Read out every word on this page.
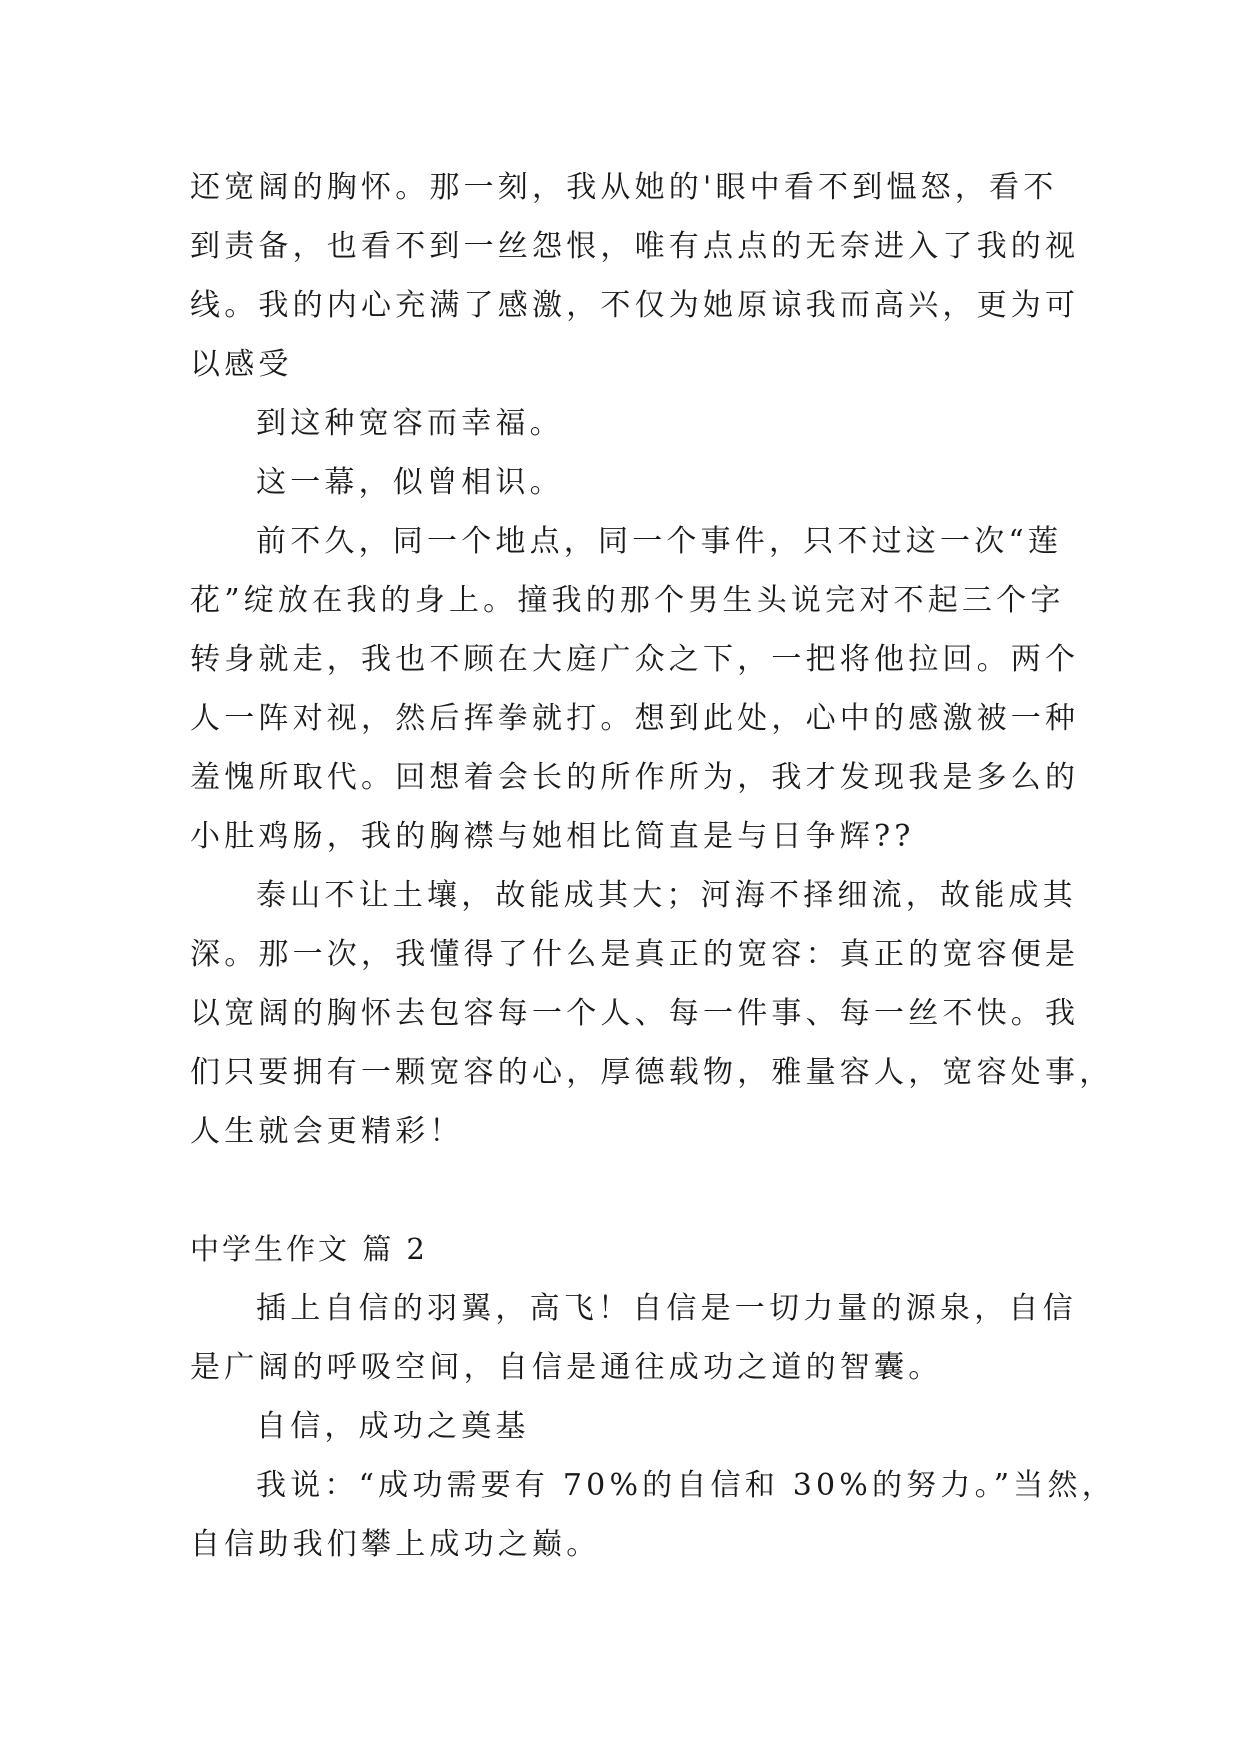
还宽阔的胸怀。那一刻，我从她的'眼中看不到愠怒，看不
到责备，也看不到一丝怨恨，唯有点点的无奈进入了我的视
线。我的内心充满了感激，不仅为她原谅我而高兴，更为可
以感受
到这种宽容而幸福。
这一幕，似曾相识。
前不久，同一个地点，同一个事件，只不过这一次“莲
花”绽放在我的身上。撞我的那个男生头说完对不起三个字
转身就走，我也不顾在大庭广众之下，一把将他拉回。两个
人一阵对视，然后挥拳就打。想到此处，心中的感激被一种
羞愧所取代。回想着会长的所作所为，我才发现我是多么的
小肚鸡肠，我的胸襟与她相比简直是与日争辉??
泰山不让土壤，故能成其大；河海不择细流，故能成其
深。那一次，我懂得了什么是真正的宽容：真正的宽容便是
以宽阔的胸怀去包容每一个人、每一件事、每一丝不快。我
们只要拥有一颗宽容的心，厚德载物，雅量容人，宽容处事，
人生就会更精彩！
中学生作文 篇 2
插上自信的羽翼，高飞！自信是一切力量的源泉，自信
是广阔的呼吸空间，自信是通往成功之道的智囊。
自信，成功之奠基
我说：“成功需要有 70%的自信和 30%的努力。”当然，
自信助我们攀上成功之巅。
